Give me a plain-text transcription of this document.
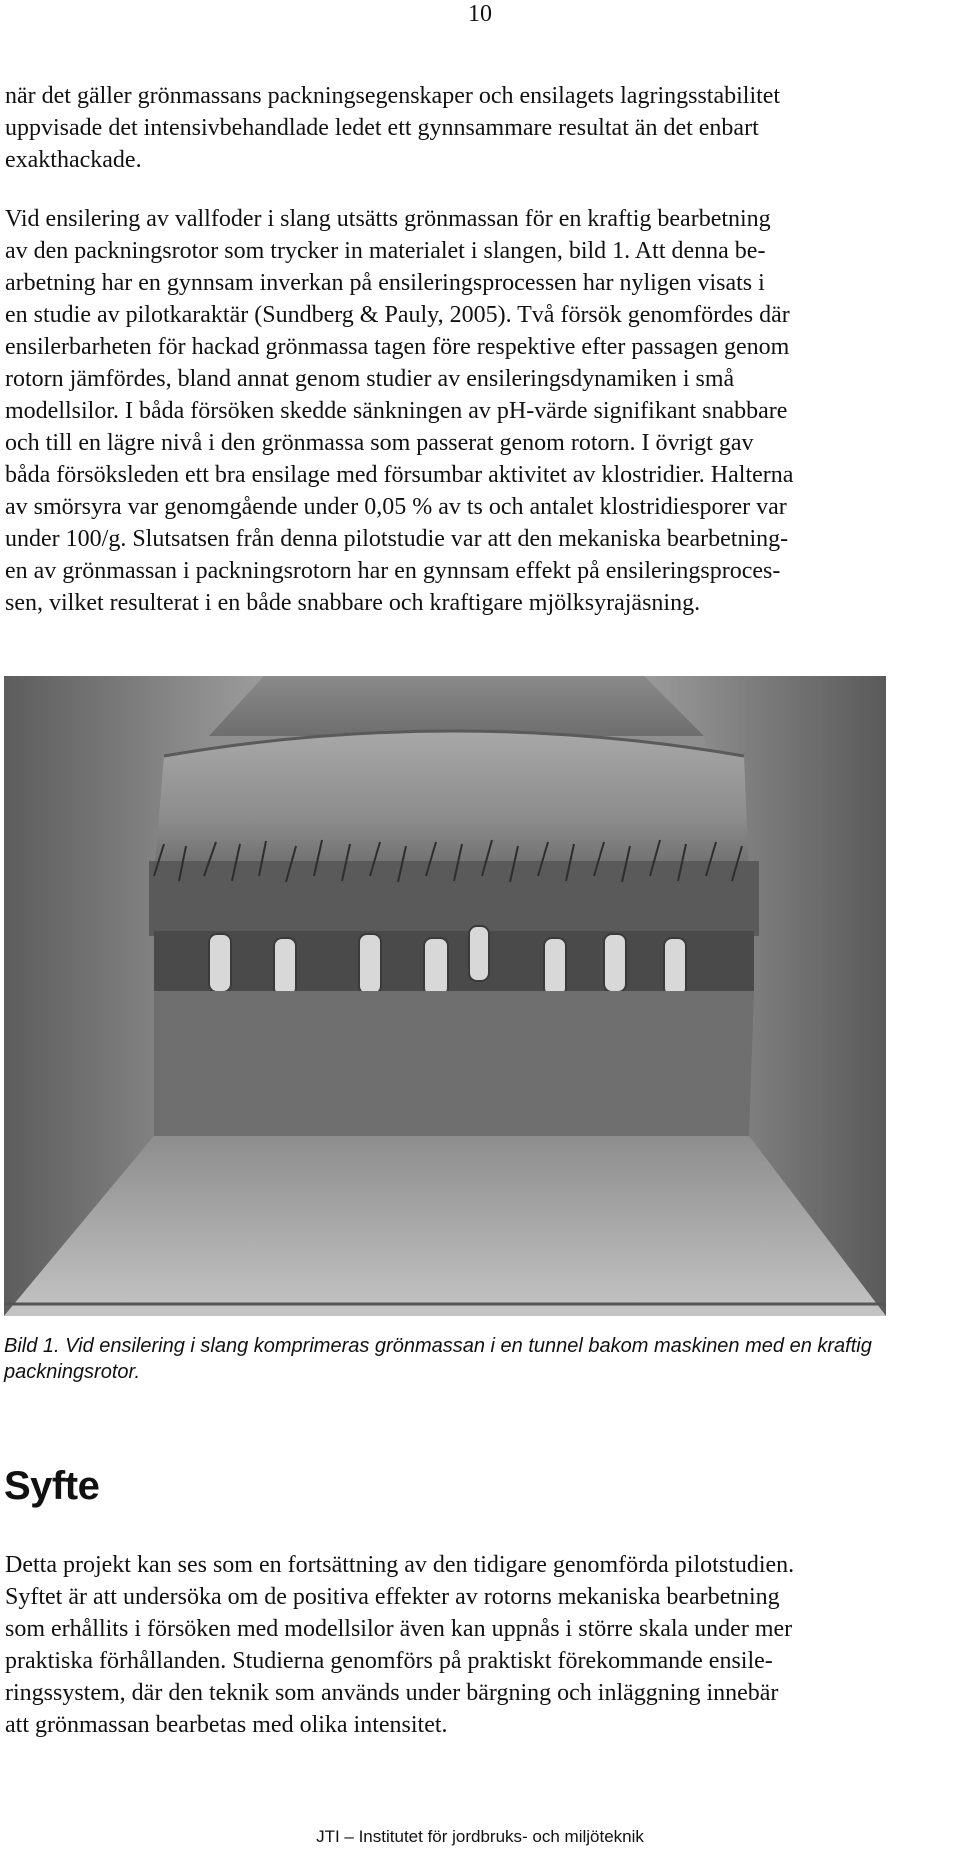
10

när det gäller grönmassans packningsegenskaper och ensilagets lagringsstabilitet
uppvisade det intensivbehandlade ledet ett gynnsammare resultat än det enbart
exakthackade.

Vid ensilering av vallfoder i slang utsätts grönmassan för en kraftig bearbetning
av den packningsrotor som trycker in materialet i slangen, bild 1. Att denna be-
arbetning har en gynnsam inverkan på ensileringsprocessen har nyligen visats i
en studie av pilotkaraktär (Sundberg & Pauly, 2005). Två försök genomfördes där
ensilerbarheten för hackad grönmassa tagen före respektive efter passagen genom
rotorn jämfördes, bland annat genom studier av ensileringsdynamiken i små
modellsilor. I båda försöken skedde sänkningen av pH-värde signifikant snabbare
och till en lägre nivå i den grönmassa som passerat genom rotorn. I övrigt gav
båda försöksleden ett bra ensilage med försumbar aktivitet av klostridier. Halterna
av smörsyra var genomgående under 0,05 % av ts och antalet klostridiesporer var
under 100/g. Slutsatsen från denna pilotstudie var att den mekaniska bearbetning-
en av grönmassan i packningsrotorn har en gynnsam effekt på ensileringsproces-
sen, vilket resulterat i en både snabbare och kraftigare mjölksyrajäsning.

Bild 1. Vid ensilering i slang komprimeras grönmassan i en tunnel bakom maskinen med en kraftig packningsrotor.

Syfte

Detta projekt kan ses som en fortsättning av den tidigare genomförda pilotstudien.
Syftet är att undersöka om de positiva effekter av rotorns mekaniska bearbetning
som erhållits i försöken med modellsilor även kan uppnås i större skala under mer
praktiska förhållanden. Studierna genomförs på praktiskt förekommande ensile-
ringssystem, där den teknik som används under bärgning och inläggning innebär
att grönmassan bearbetas med olika intensitet.

JTI – Institutet för jordbruks- och miljöteknik
